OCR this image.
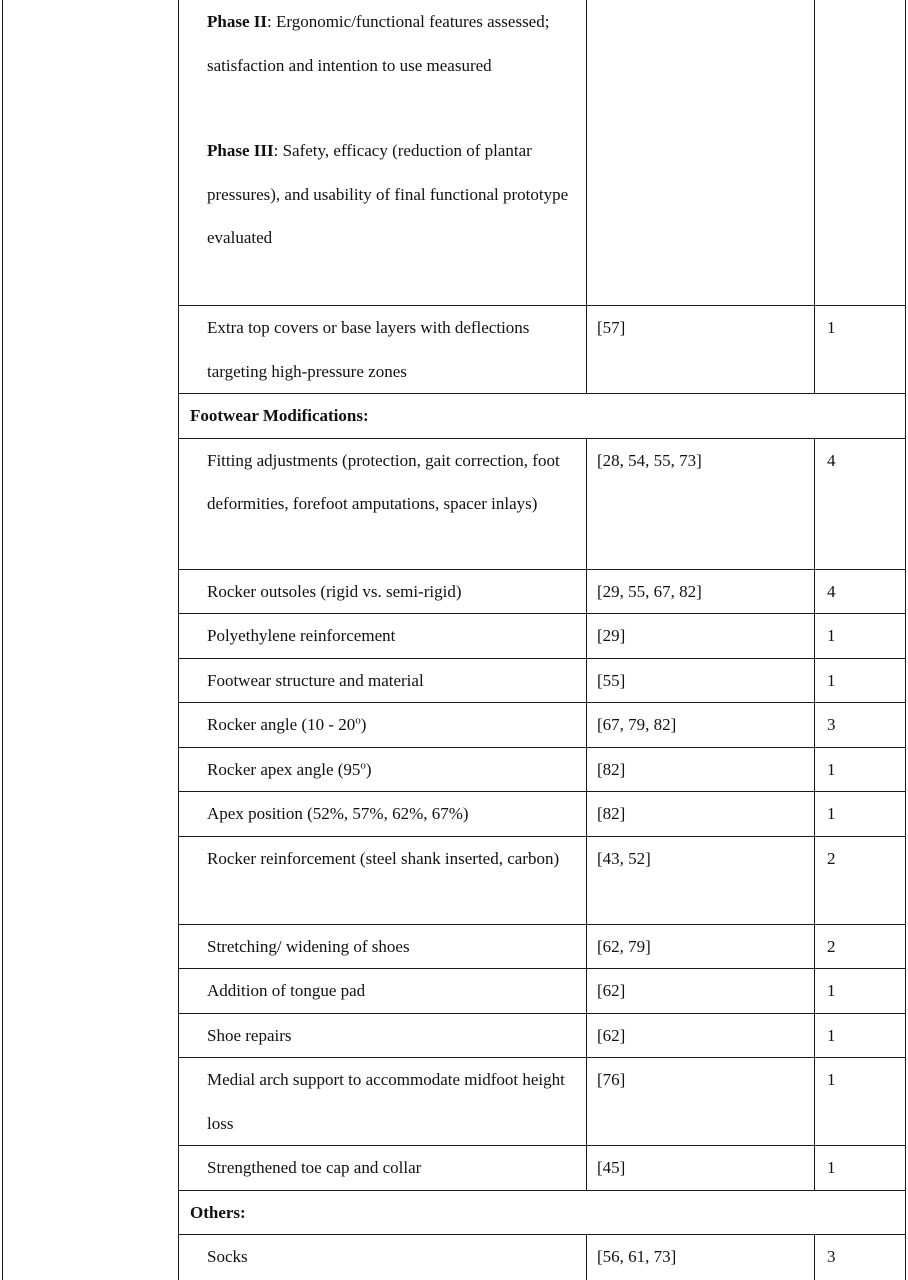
	Phase II: Ergonomic/functional features assessed; satisfaction and intention to use measured
Phase III: Safety, efficacy (reduction of plantar pressures), and usability of final functional prototype evaluated		

	Extra top covers or base layers with deflections targeting high-pressure zones	[57]	1
	Footwear Modifications:		
	Fitting adjustments (protection, gait correction, foot deformities, forefoot amputations, spacer inlays)	[28, 54, 55, 73]	4
	Rocker outsoles (rigid vs. semi-rigid)	[29, 55, 67, 82]	4
	Polyethylene reinforcement	[29]	1
	Footwear structure and material	[55]	1
	Rocker angle (10 - 20$^o$)	[67, 79, 82]	3
	Rocker apex angle (95$^o$)	[82]	1
	Apex position (52%, 57%, 62%, 67%)	[82]	1
	Rocker reinforcement (steel shank inserted, carbon)	[43, 52]	2
	Stretching/ widening of shoes	[62, 79]	2
	Addition of tongue pad	[62]	1
	Shoe repairs	[62]	1
	Medial arch support to accommodate midfoot height loss	[76]	1
	Strengthened toe cap and collar	[45]	1
	Others:		
	Socks	[56, 61, 73]	3
